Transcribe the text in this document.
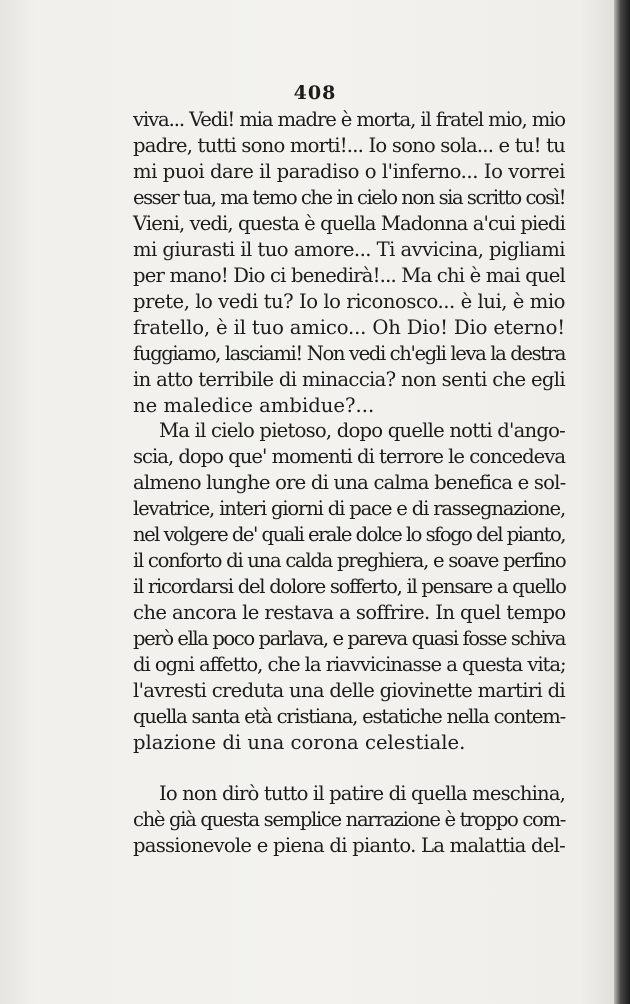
408
viva... Vedi! mia madre è morta, il fratel mio, mio
padre, tutti sono morti!... Io sono sola... e tu! tu
mi puoi dare il paradiso o l'inferno... Io vorrei
esser tua, ma temo che in cielo non sia scritto così!
Vieni, vedi, questa è quella Madonna a'cui piedi
mi giurasti il tuo amore... Ti avvicina, pigliami
per mano! Dio ci benedirà!... Ma chi è mai quel
prete, lo vedi tu? Io lo riconosco... è lui, è mio
fratello, è il tuo amico... Oh Dio! Dio eterno!
fuggiamo, lasciami! Non vedi ch'egli leva la destra
in atto terribile di minaccia? non senti che egli
ne maledice ambidue?...
Ma il cielo pietoso, dopo quelle notti d'ango-
scia, dopo que' momenti di terrore le concedeva
almeno lunghe ore di una calma benefica e sol-
levatrice, interi giorni di pace e di rassegnazione,
nel volgere de' quali erale dolce lo sfogo del pianto,
il conforto di una calda preghiera, e soave perfino
il ricordarsi del dolore sofferto, il pensare a quello
che ancora le restava a soffrire. In quel tempo
però ella poco parlava, e pareva quasi fosse schiva
di ogni affetto, che la riavvicinasse a questa vita;
l'avresti creduta una delle giovinette martiri di
quella santa età cristiana, estatiche nella contem-
plazione di una corona celestiale.
Io non dirò tutto il patire di quella meschina,
chè già questa semplice narrazione è troppo com-
passionevole e piena di pianto. La malattia del-
